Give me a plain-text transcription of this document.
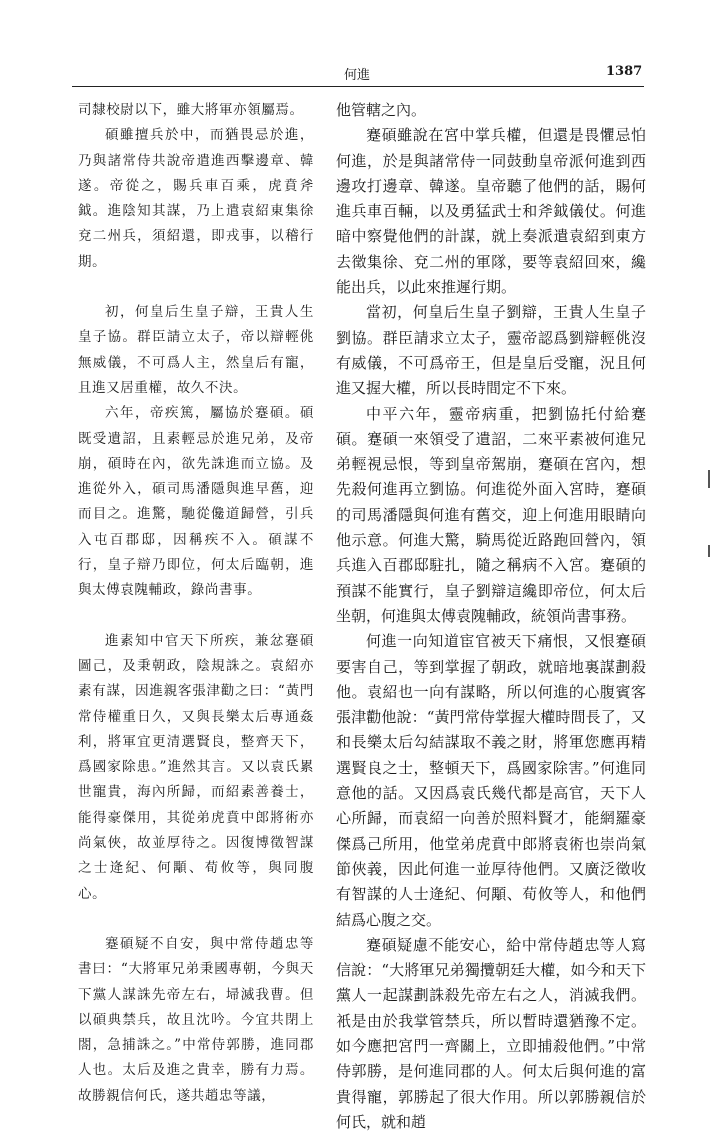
何進	1387

司隸校尉以下，雖大將軍亦領屬焉。

碩雖擅兵於中，而猶畏忌於進，乃與諸常侍共說帝遣進西擊邊章、韓遂。帝從之，賜兵車百乘，虎賁斧鉞。進陰知其謀，乃上遣袁紹東集徐兗二州兵，須紹還，即戎事，以稽行期。

初，何皇后生皇子辯，王貴人生皇子協。群臣請立太子，帝以辯輕佻無威儀，不可爲人主，然皇后有寵，且進又居重權，故久不決。

六年，帝疾篤，屬協於蹇碩。碩既受遺詔，且素輕忌於進兄弟，及帝崩，碩時在內，欲先誅進而立協。及進從外入，碩司馬潘隱與進早舊，迎而目之。進驚，馳從儳道歸營，引兵入屯百郡邸，因稱疾不入。碩謀不行，皇子辯乃即位，何太后臨朝，進與太傅袁隗輔政，錄尚書事。

進素知中官天下所疾，兼忿蹇碩圖己，及秉朝政，陰規誅之。袁紹亦素有謀，因進親客張津勸之曰：“黃門常侍權重日久，又與長樂太后專通姦利，將軍宜更清選賢良，整齊天下，爲國家除患。”進然其言。又以袁氏累世寵貴，海內所歸，而紹素善養士，能得豪傑用，其從弟虎賁中郎將術亦尚氣俠，故並厚待之。因復博徵智謀之士逄紀、何顒、荀攸等，與同腹心。

蹇碩疑不自安，與中常侍趙忠等書曰：“大將軍兄弟秉國專朝，今與天下黨人謀誅先帝左右，埽滅我曹。但以碩典禁兵，故且沈吟。今宜共閉上閤，急捕誅之。”中常侍郭勝，進同郡人也。太后及進之貴幸，勝有力焉。故勝親信何氏，遂共趙忠等議，

他管轄之內。

蹇碩雖說在宮中掌兵權，但還是畏懼忌怕何進，於是與諸常侍一同鼓動皇帝派何進到西邊攻打邊章、韓遂。皇帝聽了他們的話，賜何進兵車百輛，以及勇猛武士和斧鉞儀仗。何進暗中察覺他們的計謀，就上奏派遣袁紹到東方去徵集徐、兗二州的軍隊，要等袁紹回來，纔能出兵，以此來推遲行期。

當初，何皇后生皇子劉辯，王貴人生皇子劉協。群臣請求立太子，靈帝認爲劉辯輕佻沒有威儀，不可爲帝王，但是皇后受寵，況且何進又握大權，所以長時間定不下來。

中平六年，靈帝病重，把劉協托付給蹇碩。蹇碩一來領受了遺詔，二來平素被何進兄弟輕視忌恨，等到皇帝駕崩，蹇碩在宮內，想先殺何進再立劉協。何進從外面入宮時，蹇碩的司馬潘隱與何進有舊交，迎上何進用眼睛向他示意。何進大驚，騎馬從近路跑回營內，領兵進入百郡邸駐扎，隨之稱病不入宮。蹇碩的預謀不能實行，皇子劉辯這纔即帝位，何太后坐朝，何進與太傅袁隗輔政，統領尚書事務。

何進一向知道宦官被天下痛恨，又恨蹇碩要害自己，等到掌握了朝政，就暗地裏謀劃殺他。袁紹也一向有謀略，所以何進的心腹賓客張津勸他說：“黃門常侍掌握大權時間長了，又和長樂太后勾結謀取不義之財，將軍您應再精選賢良之士，整頓天下，爲國家除害。”何進同意他的話。又因爲袁氏幾代都是高官，天下人心所歸，而袁紹一向善於照料賢才，能網羅豪傑爲己所用，他堂弟虎賁中郎將袁術也崇尚氣節俠義，因此何進一並厚待他們。又廣泛徵收有智謀的人士逄紀、何顒、荀攸等人，和他們結爲心腹之交。

蹇碩疑慮不能安心，給中常侍趙忠等人寫信說：“大將軍兄弟獨攬朝廷大權，如今和天下黨人一起謀劃誅殺先帝左右之人，消滅我們。衹是由於我掌管禁兵，所以暫時還猶豫不定。如今應把宮門一齊關上，立即捕殺他們。”中常侍郭勝，是何進同郡的人。何太后與何進的富貴得寵，郭勝起了很大作用。所以郭勝親信於何氏，就和趙
